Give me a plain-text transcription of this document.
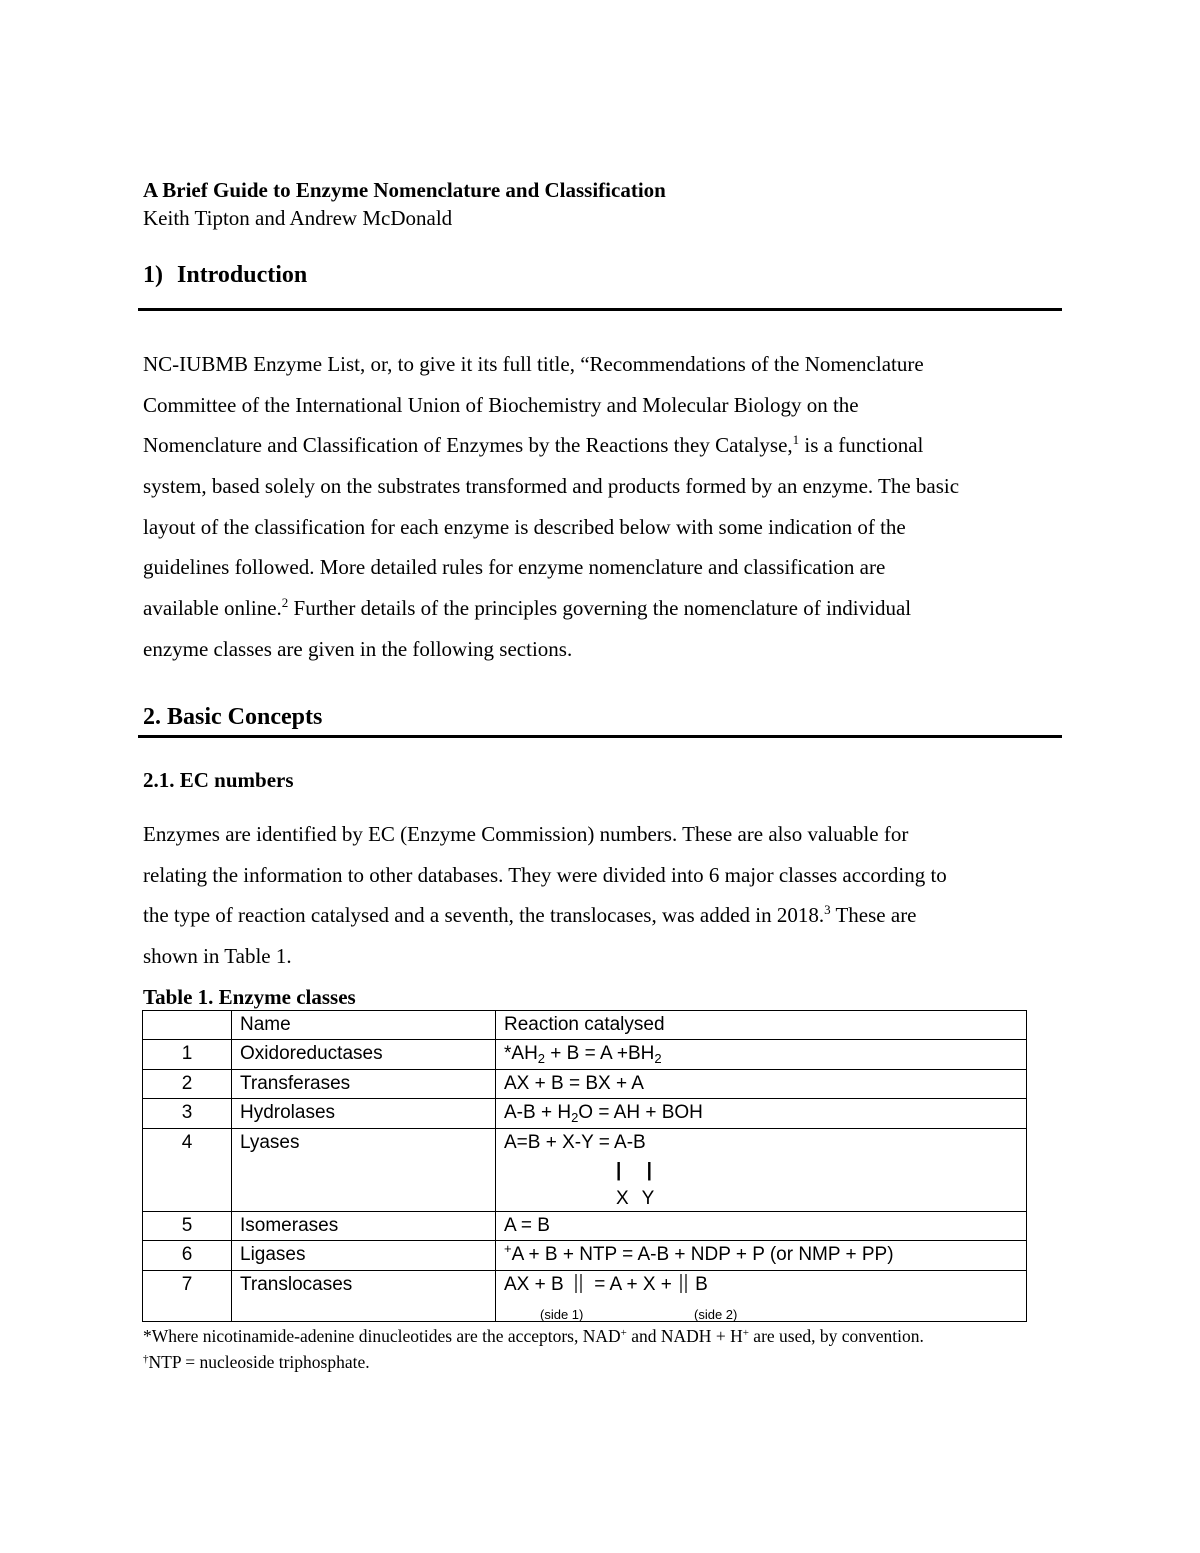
A Brief Guide to Enzyme Nomenclature and Classification
Keith Tipton and Andrew McDonald
1) Introduction
NC-IUBMB Enzyme List, or, to give it its full title, “Recommendations of the Nomenclature
Committee of the International Union of Biochemistry and Molecular Biology on the
Nomenclature and Classification of Enzymes by the Reactions they Catalyse,$^1$ is a functional
system, based solely on the substrates transformed and products formed by an enzyme. The basic
layout of the classification for each enzyme is described below with some indication of the
guidelines followed. More detailed rules for enzyme nomenclature and classification are
available online.$^2$ Further details of the principles governing the nomenclature of individual
enzyme classes are given in the following sections.
2. Basic Concepts
2.1. EC numbers
Enzymes are identified by EC (Enzyme Commission) numbers. These are also valuable for
relating the information to other databases. They were divided into 6 major classes according to
the type of reaction catalysed and a seventh, the translocases, was added in 2018.$^3$ These are
shown in Table 1.
Table 1. Enzyme classes
	Name	Reaction catalysed
1	Oxidoreductases	$*AH_2 + B = A +BH_2$
2	Transferases	AX + B = BX + A
3	Hydrolases	$A-B + H_2O$ = AH + BOH
4	Lyases	A=B + X-Y = A-B
| |
X Y

5	Isomerases	A = B
6	Ligases	+A + B + NTP = A-B + NDP + P (or NMP + PP)
7	Translocases	AX + B  = A + X + B
(side 1) (side 2)
*Where nicotinamide-adenine dinucleotides are the acceptors, NAD+ and NADH + H+ are used, by convention.
†NTP = nucleoside triphosphate.
